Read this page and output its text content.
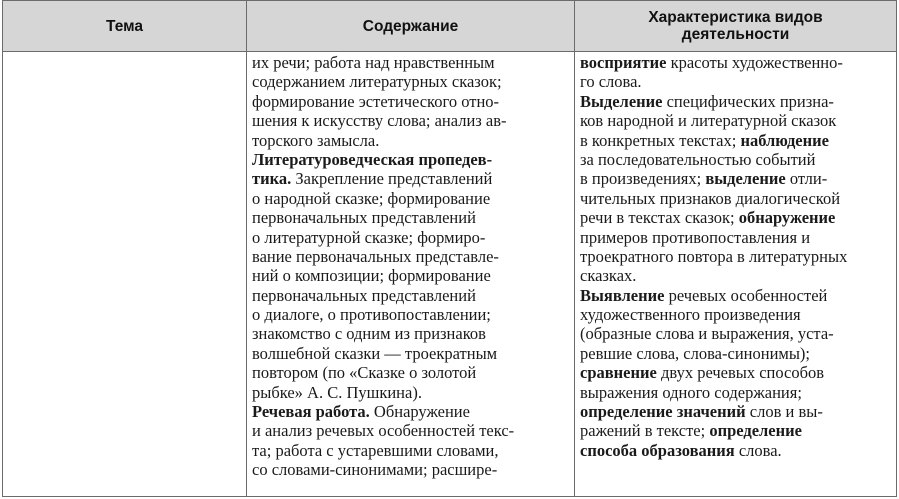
Тема	Содержание	Характеристика видов
деятельности
их речи; работа над нравственным
содержанием литературных сказок;
формирование эстетического отно-
шения к искусству слова; анализ ав-
торского замысла.
Литературоведческая пропедев-
тика. Закрепление представлений
о народной сказке; формирование
первоначальных представлений
о литературной сказке; формиро-
вание первоначальных представле-
ний о композиции; формирование
первоначальных представлений
о диалоге, о противопоставлении;
знакомство с одним из признаков
волшебной сказки — троекратным
повтором (по «Сказке о золотой
рыбке» А. С. Пушкина).
Речевая работа. Обнаружение
и анализ речевых особенностей текс-
та; работа с устаревшими словами,
со словами-синонимами; расшире-
восприятие красоты художественно-
го слова.
Выделение специфических призна-
ков народной и литературной сказок
в конкретных текстах; наблюдение
за последовательностью событий
в произведениях; выделение отли-
чительных признаков диалогической
речи в текстах сказок; обнаружение
примеров противопоставления и
троекратного повтора в литературных
сказках.
Выявление речевых особенностей
художественного произведения
(образные слова и выражения, уста-
ревшие слова, слова-синонимы);
сравнение двух речевых способов
выражения одного содержания;
определение значений слов и вы-
ражений в тексте; определение
способа образования слова.
